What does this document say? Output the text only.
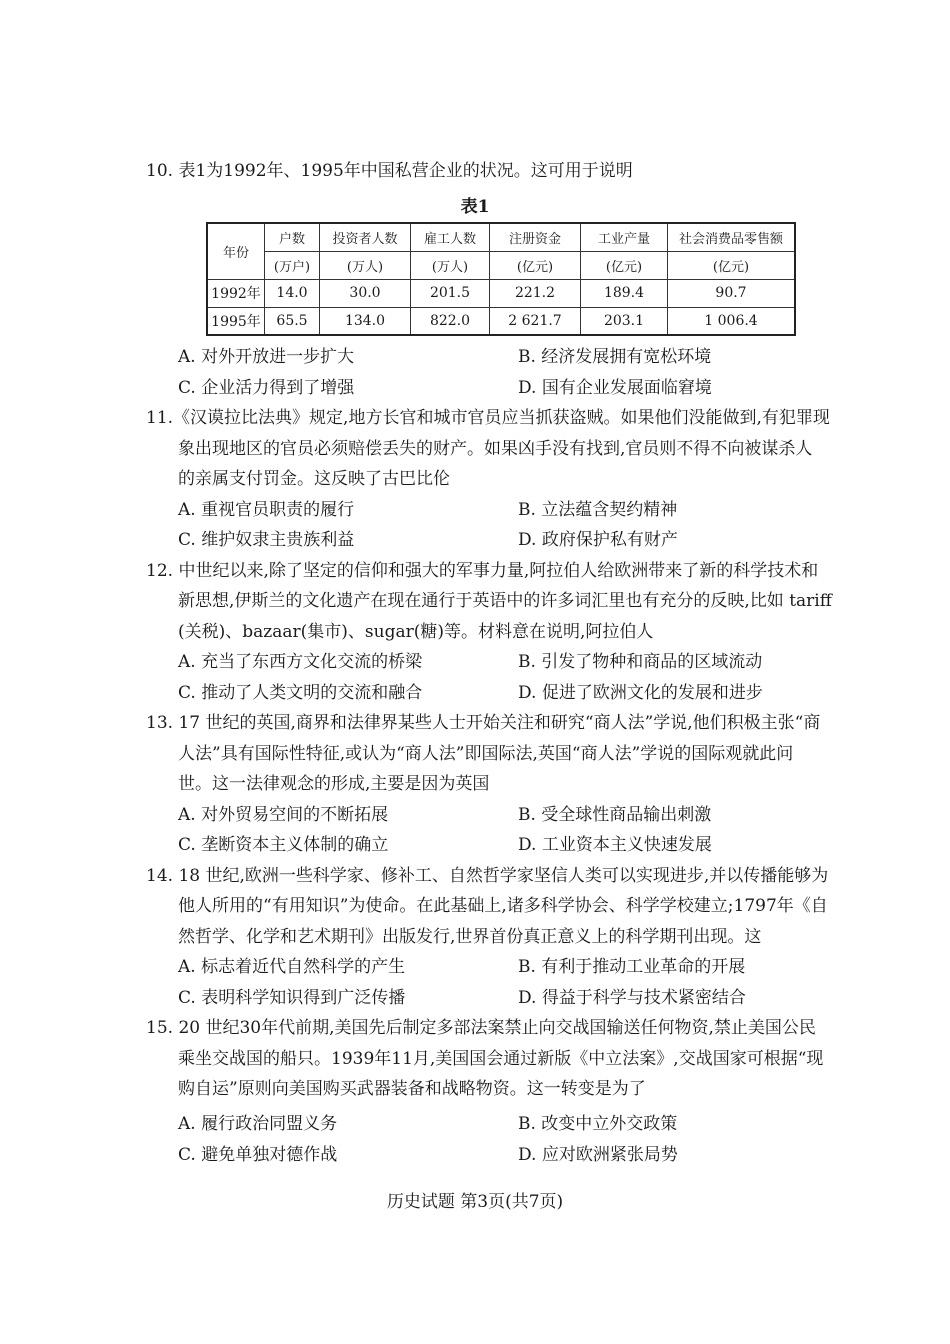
10. 表1为1992年、1995年中国私营企业的状况。这可用于说明
表1
年份	户数	投资者人数	雇工人数	注册资金	工业产量	社会消费品零售额
	(万户)	(万人)	(万人)	(亿元)	(亿元)	(亿元)
1992年	14.0	30.0	201.5	221.2	189.4	90.7
1995年	65.5	134.0	822.0	2 621.7	203.1	1 006.4
A. 对外开放进一步扩大	B. 经济发展拥有宽松环境
C. 企业活力得到了增强	D. 国有企业发展面临窘境
11.《汉谟拉比法典》规定,地方长官和城市官员应当抓获盗贼。如果他们没能做到,有犯罪现
象出现地区的官员必须赔偿丢失的财产。如果凶手没有找到,官员则不得不向被谋杀人
的亲属支付罚金。这反映了古巴比伦
A. 重视官员职责的履行	B. 立法蕴含契约精神
C. 维护奴隶主贵族利益	D. 政府保护私有财产
12. 中世纪以来,除了坚定的信仰和强大的军事力量,阿拉伯人给欧洲带来了新的科学技术和
新思想,伊斯兰的文化遗产在现在通行于英语中的许多词汇里也有充分的反映,比如 tariff
(关税)、bazaar(集市)、sugar(糖)等。材料意在说明,阿拉伯人
A. 充当了东西方文化交流的桥梁	B. 引发了物种和商品的区域流动
C. 推动了人类文明的交流和融合	D. 促进了欧洲文化的发展和进步
13. 17 世纪的英国,商界和法律界某些人士开始关注和研究“商人法”学说,他们积极主张“商
人法”具有国际性特征,或认为“商人法”即国际法,英国“商人法”学说的国际观就此问
世。这一法律观念的形成,主要是因为英国
A. 对外贸易空间的不断拓展	B. 受全球性商品输出刺激
C. 垄断资本主义体制的确立	D. 工业资本主义快速发展
14. 18 世纪,欧洲一些科学家、修补工、自然哲学家坚信人类可以实现进步,并以传播能够为
他人所用的“有用知识”为使命。在此基础上,诸多科学协会、科学学校建立;1797年《自
然哲学、化学和艺术期刊》出版发行,世界首份真正意义上的科学期刊出现。这
A. 标志着近代自然科学的产生	B. 有利于推动工业革命的开展
C. 表明科学知识得到广泛传播	D. 得益于科学与技术紧密结合
15. 20 世纪30年代前期,美国先后制定多部法案禁止向交战国输送任何物资,禁止美国公民
乘坐交战国的船只。1939年11月,美国国会通过新版《中立法案》,交战国家可根据“现
购自运”原则向美国购买武器装备和战略物资。这一转变是为了
A. 履行政治同盟义务	B. 改变中立外交政策
C. 避免单独对德作战	D. 应对欧洲紧张局势
历史试题 第3页(共7页)
